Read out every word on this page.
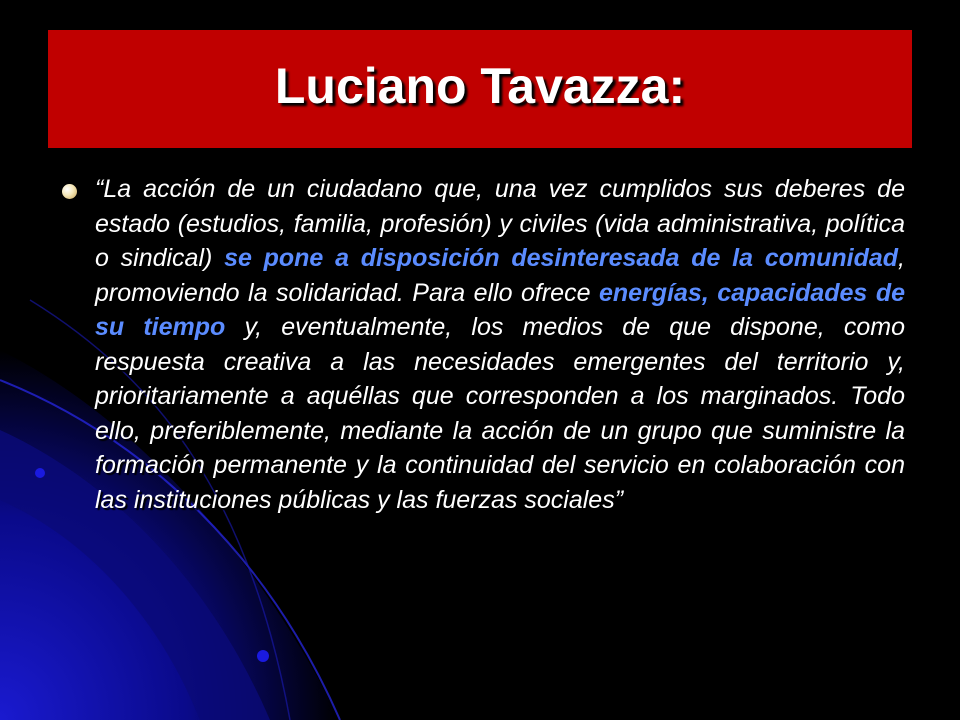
Luciano Tavazza:

“La acción de un ciudadano que, una vez cumplidos sus deberes de estado (estudios, familia, profesión) y civiles (vida administrativa, política o sindical) se pone a disposición desinteresada de la comunidad, promoviendo la solidaridad. Para ello ofrece energías, capacidades de su tiempo y, eventualmente, los medios de que dispone, como respuesta creativa a las necesidades emergentes del territorio y, prioritariamente a aquéllas que corresponden a los marginados. Todo ello, preferiblemente, mediante la acción de un grupo que suministre la formación permanente y la continuidad del servicio en colaboración con las instituciones públicas y las fuerzas sociales”
